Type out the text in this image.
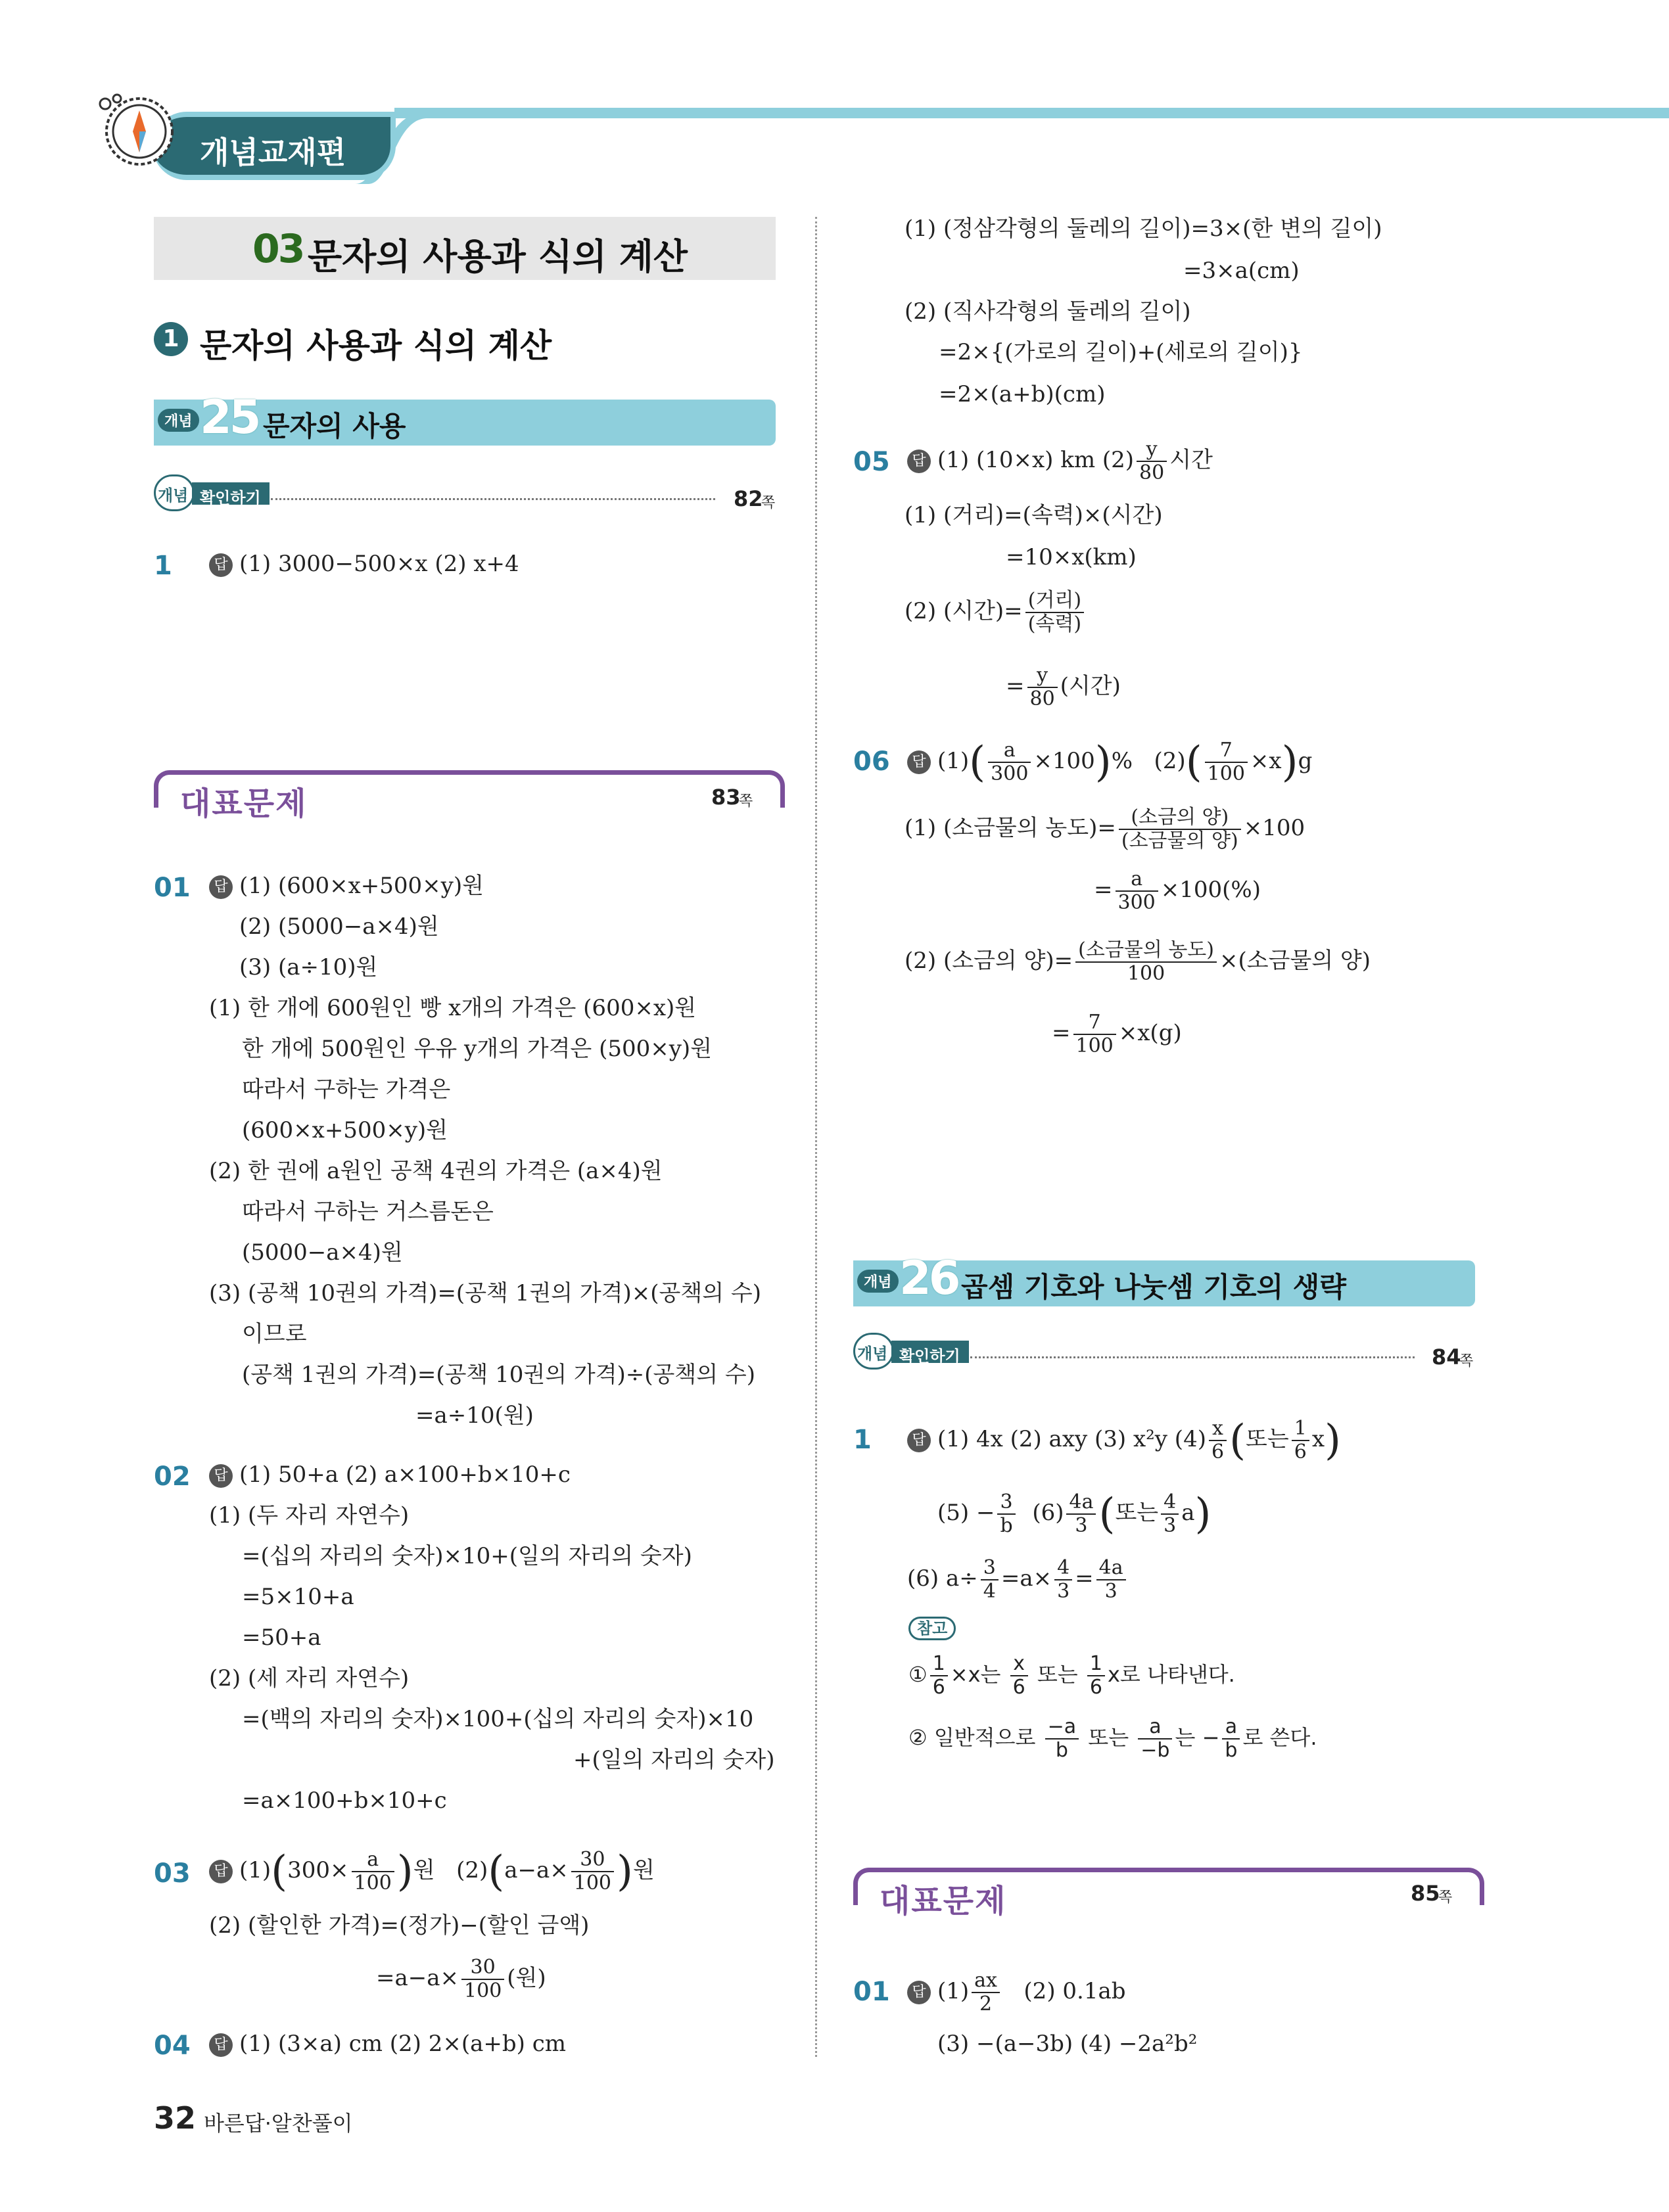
개념교재편
03 문자의 사용과 식의 계산
1 문자의 사용과 식의 계산
개념 25 문자의 사용
개념 확인하기	82
쪽
1	답 (1) 3000−500×x (2) x+4
대표문제	83
쪽
01	답 (1) (600×x+500×y)원
(2) (5000−a×4)원
(3) (a÷10)원
(1) 한 개에 600원인 빵 x개의 가격은 (600×x)원
한 개에 500원인 우유 y개의 가격은 (500×y)원
따라서 구하는 가격은
(600×x+500×y)원
(2) 한 권에 a원인 공책 4권의 가격은 (a×4)원
따라서 구하는 거스름돈은
(5000−a×4)원
(3) (공책 10권의 가격)=(공책 1권의 가격)×(공책의 수)
이므로
(공책 1권의 가격)=(공책 10권의 가격)÷(공책의 수)
=a÷10(원)
02	답 (1) 50+a (2) a×100+b×10+c
(1) (두 자리 자연수)
=(십의 자리의 숫자)×10+(일의 자리의 숫자)
=5×10+a
=50+a
(2) (세 자리 자연수)
=(백의 자리의 숫자)×100+(십의 자리의 숫자)×10
+(일의 자리의 숫자)
=a×100+b×10+c
03	답 $(1)(300\times \frac{a}{100}$ )원 $(2)(a-a\times \frac{30}{100}$ )원
(2) (할인한 가격)=(정가)−(할인 금액)
$=a-a\times \frac{30}{100}$ (원)
04	답 (1) (3×a) cm (2) 2×(a+b) cm
32 바른답·알찬풀이
(1) (정삼각형의 둘레의 길이)=3×(한 변의 길이)
=3×a(cm)
(2) (직사각형의 둘레의 길이)
=2×{(가로의 길이)+(세로의 길이)}
=2×(a+b)(cm)
05	답 (1) (10×x) km $(2) \frac{y}{80}$ 시간
(1) (거리)=(속력)×(시간)
=10×x(km)
(2) (시간)= $\frac{\text{(거리)}}{\text{(속력)}}$
= $\frac{y}{80}$ (시간)
06	답 $(1)( \frac{a}{300} \times 100)\%$ $(2)( \frac{7}{100} \times x)g$
(1) (소금물의 농도)= $\frac{\text{(소금의 양)}}{\text{(소금물의 양)}} \times 100$
= $\frac{a}{300} \times 100(\%)$
(2) (소금의 양)= $\frac{\text{(소금물의 농도)}}{100}$ ×(소금물의 양)
= $\frac{7}{100} \times x(g)$
개념 26 곱셈 기호와 나눗셈 기호의 생략
개념 확인하기	84
쪽
1	답 (1) 4x (2) axy (3) x²y $(4) \frac{x}{6}$ (또는 $\frac{1}{6} x$)
$(5) - \frac{3}{b} (6) \frac{4a}{3}$ (또는 $\frac{4}{3} a$)
(6) $a\div \frac{3}{4} =a\times \frac{4}{3} = \frac{4a}{3}$
참고
① $\frac{1}{6} \times x$는 $\frac{x}{6}$ 또는 $\frac{1}{6}$ x로 나타낸다.
② 일반적으로 $\frac{-a}{b}$ 또는 $\frac{a}{-b}$ 는 − $\frac{a}{b}$ 로 쓴다.
대표문제	85
쪽
01	답 $(1) \frac{ax}{2} (2)$ 0.1ab
(3) −(a−3b) (4) −2a²b²
